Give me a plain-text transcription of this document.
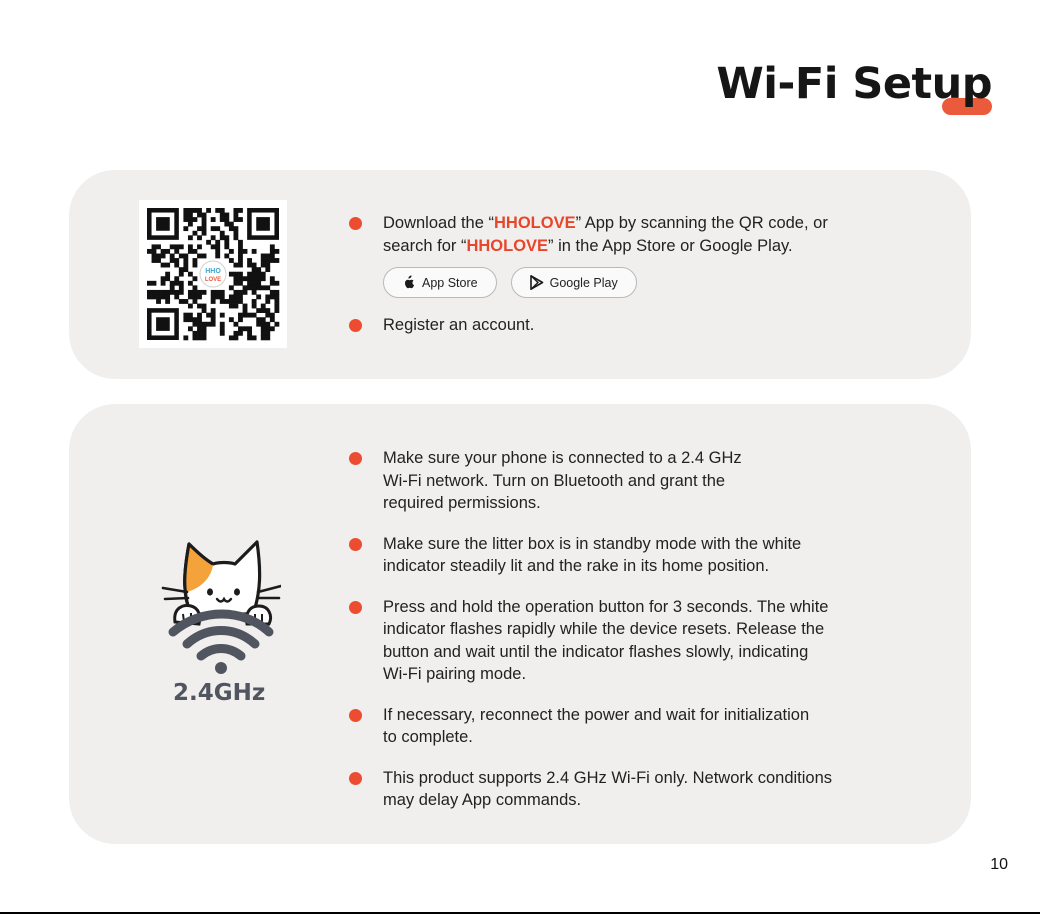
Wi-Fi Setup
HHO
LOVE
Download the “HHOLOVE” App by scanning the QR code, or
search for “HHOLOVE” in the App Store or Google Play.
App Store	Google Play
Register an account.
2.4GHz
Make sure your phone is connected to a 2.4 GHz
Wi-Fi network. Turn on Bluetooth and grant the
required permissions.
Make sure the litter box is in standby mode with the white
indicator steadily lit and the rake in its home position.
Press and hold the operation button for 3 seconds. The white
indicator flashes rapidly while the device resets. Release the
button and wait until the indicator flashes slowly, indicating
Wi-Fi pairing mode.
If necessary, reconnect the power and wait for initialization
to complete.
This product supports 2.4 GHz Wi-Fi only. Network conditions
may delay App commands.
10
